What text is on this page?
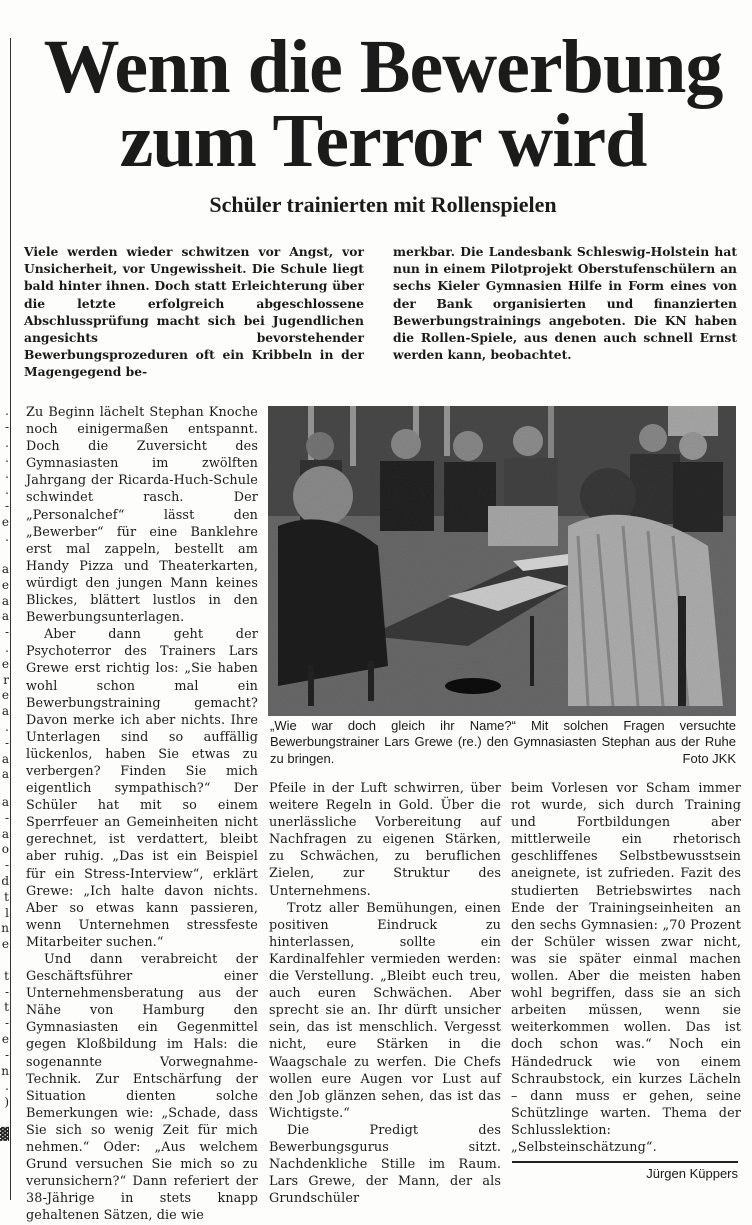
.
-
.
.
.
.
-
e
.

a
e
a
a
-
.
e
r
e
a
.
-
a
a
a
-
a
o
-
d
t
l
n
e

t
-
t
-
e
-
n
.
)

▓
Wenn die Bewerbung
zum Terror wird
Schüler trainierten mit Rollenspielen
Viele werden wieder schwitzen vor Angst, vor Unsicherheit, vor Ungewissheit. Die Schule liegt bald hinter ihnen. Doch statt Erleichterung über die letzte erfolgreich abgeschlossene Abschlussprüfung macht sich bei Jugendlichen angesichts bevorstehender Bewerbungsprozeduren oft ein Kribbeln in der Magengegend be-
merkbar. Die Landesbank Schleswig-Holstein hat nun in einem Pilotprojekt Oberstufenschülern an sechs Kieler Gymnasien Hilfe in Form eines von der Bank organisierten und finanzierten Bewerbungstrainings angeboten. Die KN haben die Rollen-Spiele, aus denen auch schnell Ernst werden kann, beobachtet.

Zu Beginn lächelt Stephan Knoche noch einigermaßen entspannt. Doch die Zuversicht des Gymnasiasten im zwölften Jahrgang der Ricarda-Huch-Schule schwindet rasch. Der „Personalchef“ lässt den „Bewerber“ für eine Banklehre erst mal zappeln, bestellt am Handy Pizza und Theaterkarten, würdigt den jungen Mann keines Blickes, blättert lustlos in den Bewerbungsunterlagen.

Aber dann geht der Psychoterror des Trainers Lars Grewe erst richtig los: „Sie haben wohl schon mal ein Bewerbungstraining gemacht? Davon merke ich aber nichts. Ihre Unterlagen sind so auffällig lückenlos, haben Sie etwas zu verbergen? Finden Sie mich eigentlich sympathisch?“ Der Schüler hat mit so einem Sperrfeuer an Gemeinheiten nicht gerechnet, ist verdattert, bleibt aber ruhig. „Das ist ein Beispiel für ein Stress-Interview“, erklärt Grewe: „Ich halte davon nichts. Aber so etwas kann passieren, wenn Unternehmen stressfeste Mitarbeiter suchen.“

Und dann verabreicht der Geschäftsführer einer Unternehmensberatung aus der Nähe von Hamburg den Gymnasiasten ein Gegenmittel gegen Kloßbildung im Hals: die sogenannte Vorwegnahme-Technik. Zur Entschärfung der Situation dienten solche Bemerkungen wie: „Schade, dass Sie sich so wenig Zeit für mich nehmen.“ Oder: „Aus welchem Grund versuchen Sie mich so zu verunsichern?“ Dann referiert der 38-Jährige in stets knapp gehaltenen Sätzen, die wie

„Wie war doch gleich ihr Name?“ Mit solchen Fragen versuchte Bewerbungstrainer Lars Grewe (re.) den Gymnasiasten Stephan aus der Ruhe zu bringen.	Foto JKK

Pfeile in der Luft schwirren, über weitere Regeln in Gold. Über die unerlässliche Vorbereitung auf Nachfragen zu eigenen Stärken, zu Schwächen, zu beruflichen Zielen, zur Struktur des Unternehmens.

Trotz aller Bemühungen, einen positiven Eindruck zu hinterlassen, sollte ein Kardinalfehler vermieden werden: die Verstellung. „Bleibt euch treu, auch euren Schwächen. Aber sprecht sie an. Ihr dürft unsicher sein, das ist menschlich. Vergesst nicht, eure Stärken in die Waagschale zu werfen. Die Chefs wollen eure Augen vor Lust auf den Job glänzen sehen, das ist das Wichtigste.“

Die Predigt des Bewerbungsgurus sitzt. Nachdenkliche Stille im Raum. Lars Grewe, der Mann, der als Grundschüler

beim Vorlesen vor Scham immer rot wurde, sich durch Training und Fortbildungen aber mittlerweile ein rhetorisch geschliffenes Selbstbewusstsein aneignete, ist zufrieden. Fazit des studierten Betriebswirtes nach Ende der Trainingseinheiten an den sechs Gymnasien: „70 Prozent der Schüler wissen zwar nicht, was sie später einmal machen wollen. Aber die meisten haben wohl begriffen, dass sie an sich arbeiten müssen, wenn sie weiterkommen wollen. Das ist doch schon was.“ Noch ein Händedruck wie von einem Schraubstock, ein kurzes Lächeln – dann muss er gehen, seine Schützlinge warten. Thema der Schlusslektion: „Selbsteinschätzung“.

Jürgen Küppers
